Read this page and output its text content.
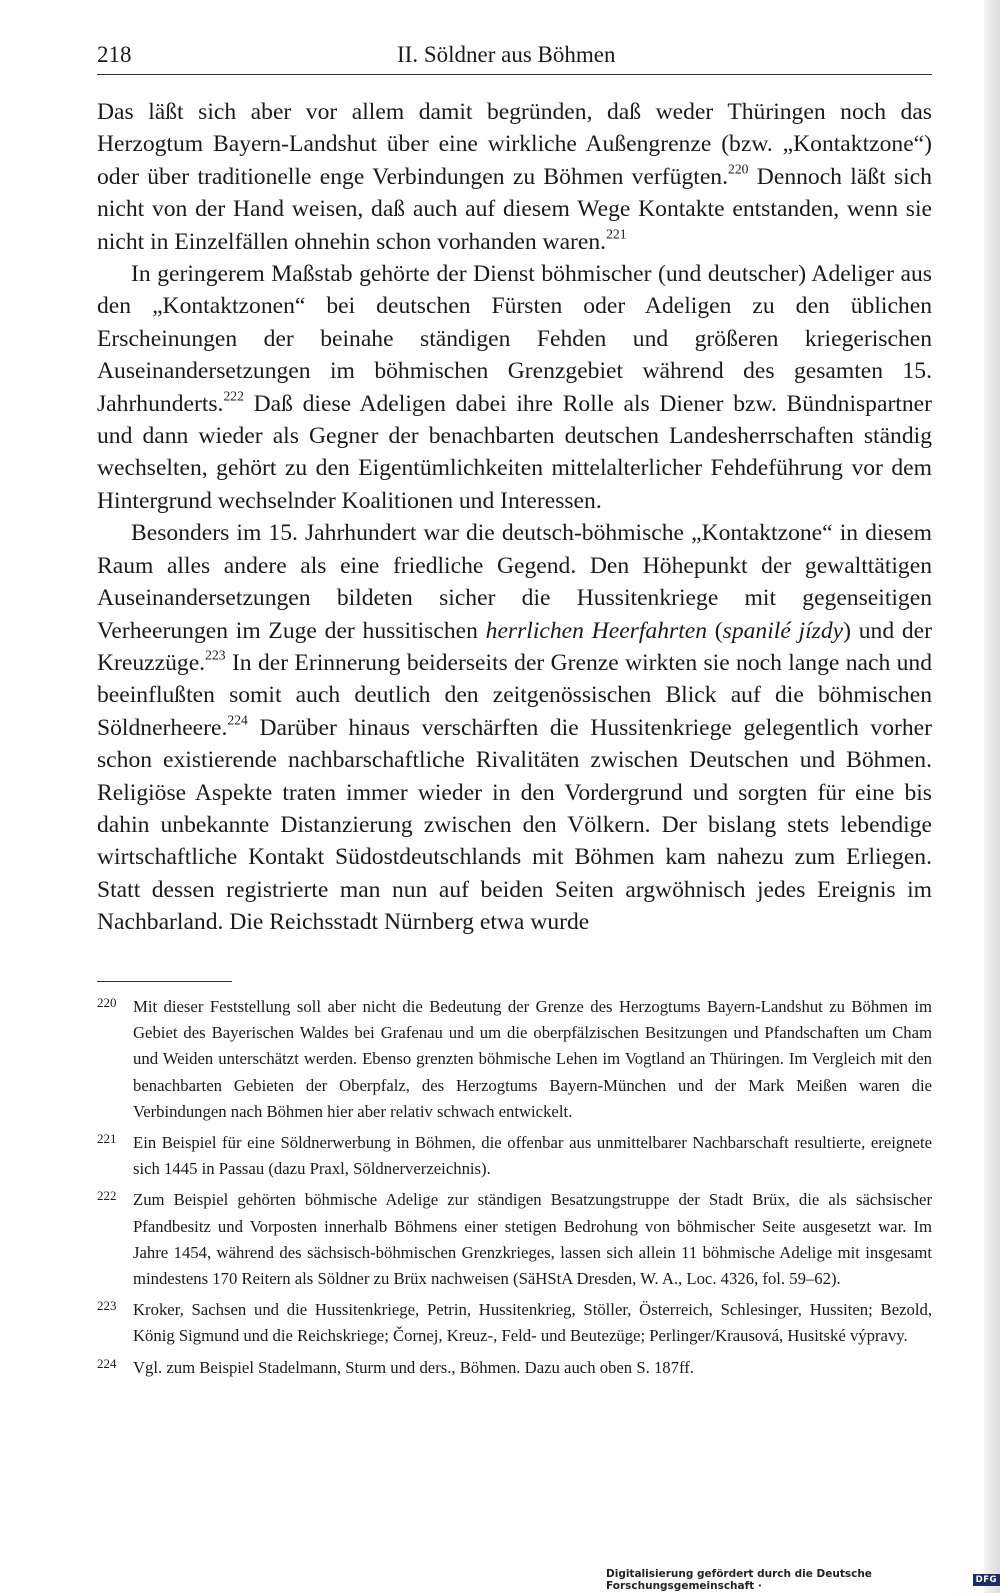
218	II. Söldner aus Böhmen

Das läßt sich aber vor allem damit begründen, daß weder Thüringen noch das Herzogtum Bayern-Landshut über eine wirkliche Außengrenze (bzw. „Kontaktzone“) oder über traditionelle enge Verbindungen zu Böhmen verfügten.$^{220}$ Dennoch läßt sich nicht von der Hand weisen, daß auch auf diesem Wege Kontakte entstanden, wenn sie nicht in Einzelfällen ohnehin schon vorhanden waren.$^{221}$

In geringerem Maßstab gehörte der Dienst böhmischer (und deutscher) Adeliger aus den „Kontaktzonen“ bei deutschen Fürsten oder Adeligen zu den üblichen Erscheinungen der beinahe ständigen Fehden und größeren kriegerischen Auseinandersetzungen im böhmischen Grenzgebiet während des gesamten 15. Jahrhunderts.$^{222}$ Daß diese Adeligen dabei ihre Rolle als Diener bzw. Bündnispartner und dann wieder als Gegner der benachbarten deutschen Landesherrschaften ständig wechselten, gehört zu den Eigentümlichkeiten mittelalterlicher Fehdeführung vor dem Hintergrund wechselnder Koalitionen und Interessen.

Besonders im 15. Jahrhundert war die deutsch-böhmische „Kontaktzone“ in diesem Raum alles andere als eine friedliche Gegend. Den Höhepunkt der gewalttätigen Auseinandersetzungen bildeten sicher die Hussitenkriege mit gegenseitigen Verheerungen im Zuge der hussitischen herrlichen Heerfahrten (spanilé jízdy) und der Kreuzzüge.$^{223}$ In der Erinnerung beiderseits der Grenze wirkten sie noch lange nach und beeinflußten somit auch deutlich den zeitgenössischen Blick auf die böhmischen Söldnerheere.$^{224}$ Darüber hinaus verschärften die Hussitenkriege gelegentlich vorher schon existierende nachbarschaftliche Rivalitäten zwischen Deutschen und Böhmen. Religiöse Aspekte traten immer wieder in den Vordergrund und sorgten für eine bis dahin unbekannte Distanzierung zwischen den Völkern. Der bislang stets lebendige wirtschaftliche Kontakt Südostdeutschlands mit Böhmen kam nahezu zum Erliegen. Statt dessen registrierte man nun auf beiden Seiten argwöhnisch jedes Ereignis im Nachbarland. Die Reichsstadt Nürnberg etwa wurde

220 Mit dieser Feststellung soll aber nicht die Bedeutung der Grenze des Herzogtums Bayern-Landshut zu Böhmen im Gebiet des Bayerischen Waldes bei Grafenau und um die oberpfälzischen Besitzungen und Pfandschaften um Cham und Weiden unterschätzt werden. Ebenso grenzten böhmische Lehen im Vogtland an Thüringen. Im Vergleich mit den benachbarten Gebieten der Oberpfalz, des Herzogtums Bayern-München und der Mark Meißen waren die Verbindungen nach Böhmen hier aber relativ schwach entwickelt.
221 Ein Beispiel für eine Söldnerwerbung in Böhmen, die offenbar aus unmittelbarer Nachbarschaft resultierte, ereignete sich 1445 in Passau (dazu Praxl, Söldnerverzeichnis).
222 Zum Beispiel gehörten böhmische Adelige zur ständigen Besatzungstruppe der Stadt Brüx, die als sächsischer Pfandbesitz und Vorposten innerhalb Böhmens einer stetigen Bedrohung von böhmischer Seite ausgesetzt war. Im Jahre 1454, während des sächsisch-böhmischen Grenzkrieges, lassen sich allein 11 böhmische Adelige mit insgesamt mindestens 170 Reitern als Söldner zu Brüx nachweisen (SäHStA Dresden, W. A., Loc. 4326, fol. 59–62).
223 Kroker, Sachsen und die Hussitenkriege, Petrin, Hussitenkrieg, Stöller, Österreich, Schlesinger, Hussiten; Bezold, König Sigmund und die Reichskriege; Čornej, Kreuz-, Feld- und Beutezüge; Perlinger/Krausová, Husitské výpravy.
224 Vgl. zum Beispiel Stadelmann, Sturm und ders., Böhmen. Dazu auch oben S. 187ff.
Digitalisierung gefördert durch die Deutsche Forschungsgemeinschaft ·	DFG
